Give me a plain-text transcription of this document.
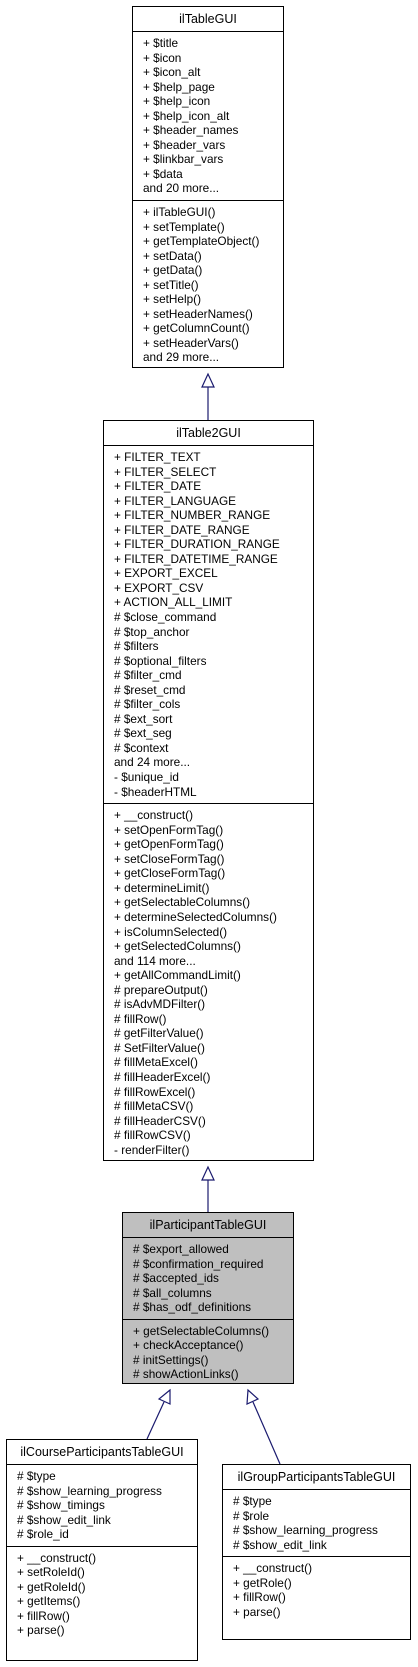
ilTableGUI
+ $title
+ $icon
+ $icon_alt
+ $help_page
+ $help_icon
+ $help_icon_alt
+ $header_names
+ $header_vars
+ $linkbar_vars
+ $data
and 20 more...
+ ilTableGUI()
+ setTemplate()
+ getTemplateObject()
+ setData()
+ getData()
+ setTitle()
+ setHelp()
+ setHeaderNames()
+ getColumnCount()
+ setHeaderVars()
and 29 more...
ilTable2GUI
+ FILTER_TEXT
+ FILTER_SELECT
+ FILTER_DATE
+ FILTER_LANGUAGE
+ FILTER_NUMBER_RANGE
+ FILTER_DATE_RANGE
+ FILTER_DURATION_RANGE
+ FILTER_DATETIME_RANGE
+ EXPORT_EXCEL
+ EXPORT_CSV
+ ACTION_ALL_LIMIT
# $close_command
# $top_anchor
# $filters
# $optional_filters
# $filter_cmd
# $reset_cmd
# $filter_cols
# $ext_sort
# $ext_seg
# $context
and 24 more...
- $unique_id
- $headerHTML
+ __construct()
+ setOpenFormTag()
+ getOpenFormTag()
+ setCloseFormTag()
+ getCloseFormTag()
+ determineLimit()
+ getSelectableColumns()
+ determineSelectedColumns()
+ isColumnSelected()
+ getSelectedColumns()
and 114 more...
+ getAllCommandLimit()
# prepareOutput()
# isAdvMDFilter()
# fillRow()
# getFilterValue()
# SetFilterValue()
# fillMetaExcel()
# fillHeaderExcel()
# fillRowExcel()
# fillMetaCSV()
# fillHeaderCSV()
# fillRowCSV()
- renderFilter()
ilParticipantTableGUI
# $export_allowed
# $confirmation_required
# $accepted_ids
# $all_columns
# $has_odf_definitions
+ getSelectableColumns()
+ checkAcceptance()
# initSettings()
# showActionLinks()
ilCourseParticipantsTableGUI
# $type
# $show_learning_progress
# $show_timings
# $show_edit_link
# $role_id
+ __construct()
+ setRoleId()
+ getRoleId()
+ getItems()
+ fillRow()
+ parse()
ilGroupParticipantsTableGUI
# $type
# $role
# $show_learning_progress
# $show_edit_link
+ __construct()
+ getRole()
+ fillRow()
+ parse()
